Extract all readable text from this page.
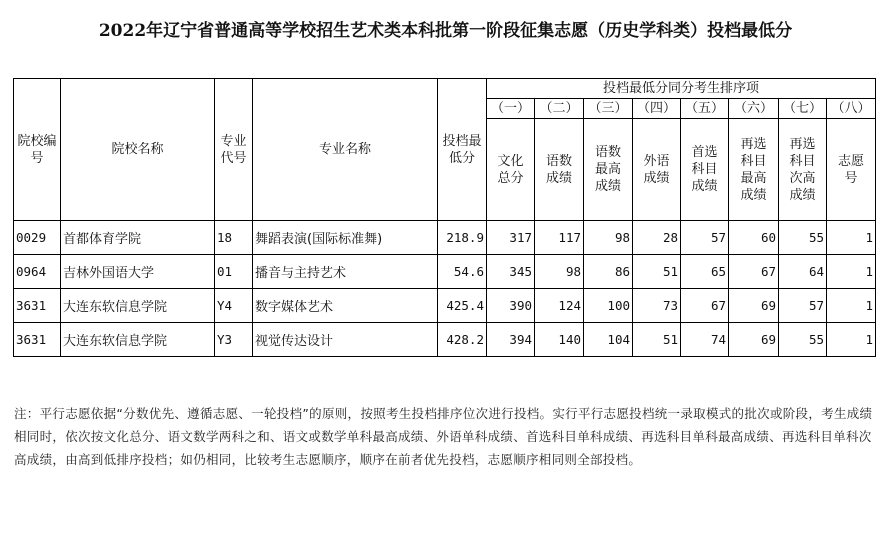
2022年辽宁省普通高等学校招生艺术类本科批第一阶段征集志愿（历史学科类）投档最低分
院校编号	院校名称	专业代号	专业名称	投档最低分	投档最低分同分考生排序项							
					（一）	（二）	（三）	（四）	（五）	（六）	（七）	（八）
					文化总分	语数成绩	语数最高成绩	外语成绩	首选科目成绩	再选科目最高成绩	再选科目次高成绩	志愿号
0029	首都体育学院	18	舞蹈表演(国际标准舞)	218.9	317	117	98	28	57	60	55	1
0964	吉林外国语大学	01	播音与主持艺术	54.6	345	98	86	51	65	67	64	1
3631	大连东软信息学院	Y4	数字媒体艺术	425.4	390	124	100	73	67	69	57	1
3631	大连东软信息学院	Y3	视觉传达设计	428.2	394	140	104	51	74	69	55	1
注：平行志愿依据“分数优先、遵循志愿、一轮投档”的原则，按照考生投档排序位次进行投档。实行平行志愿投档统一录取模式的批次或阶段，考生成绩相同时，依次按文化总分、语文数学两科之和、语文或数学单科最高成绩、外语单科成绩、首选科目单科成绩、再选科目单科最高成绩、再选科目单科次高成绩，由高到低排序投档；如仍相同，比较考生志愿顺序，顺序在前者优先投档，志愿顺序相同则全部投档。
